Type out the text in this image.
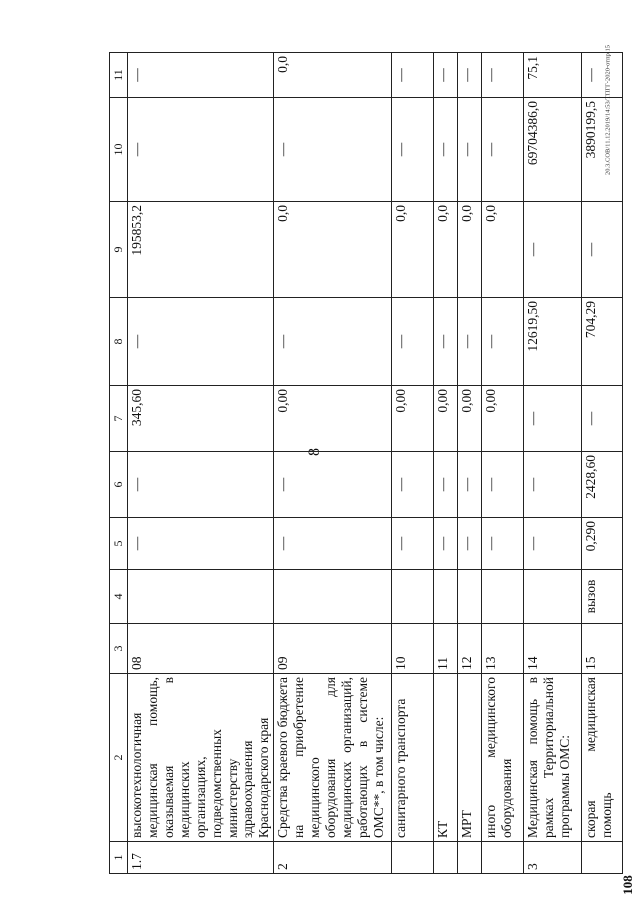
8
20.3.СОВ/11.12.2019/14:53/ТПГГ-2020-отпр.15
108
1	2	3	4	5	6	7	8	9	10	11
1.7	высокотехнологичная медицинская помощь, оказываемая в медицинских организациях, подведомственных министерству здравоохранения Краснодарского края	08		—	—	345,60	—	195853,2	—	—
2	Средства краевого бюджета на приобретение медицинского оборудования для медицинских организаций, работающих в системе ОМС**, в том числе:	09		—	—	0,00	—	0,0	—	0,0
	санитарного транспорта	10		—	—	0,00	—	0,0	—	—
	КТ	11		—	—	0,00	—	0,0	—	—
	МРТ	12		—	—	0,00	—	0,0	—	—
	иного медицинского оборудования	13		—	—	0,00	—	0,0	—	—
3	Медицинская помощь в рамках Территориальной программы ОМС:	14		—	—	—	12619,50	—	69704386,0	75,1
	скорая медицинская помощь	15	вызов	0,290	2428,60	—	704,29	—	3890199,5	—
